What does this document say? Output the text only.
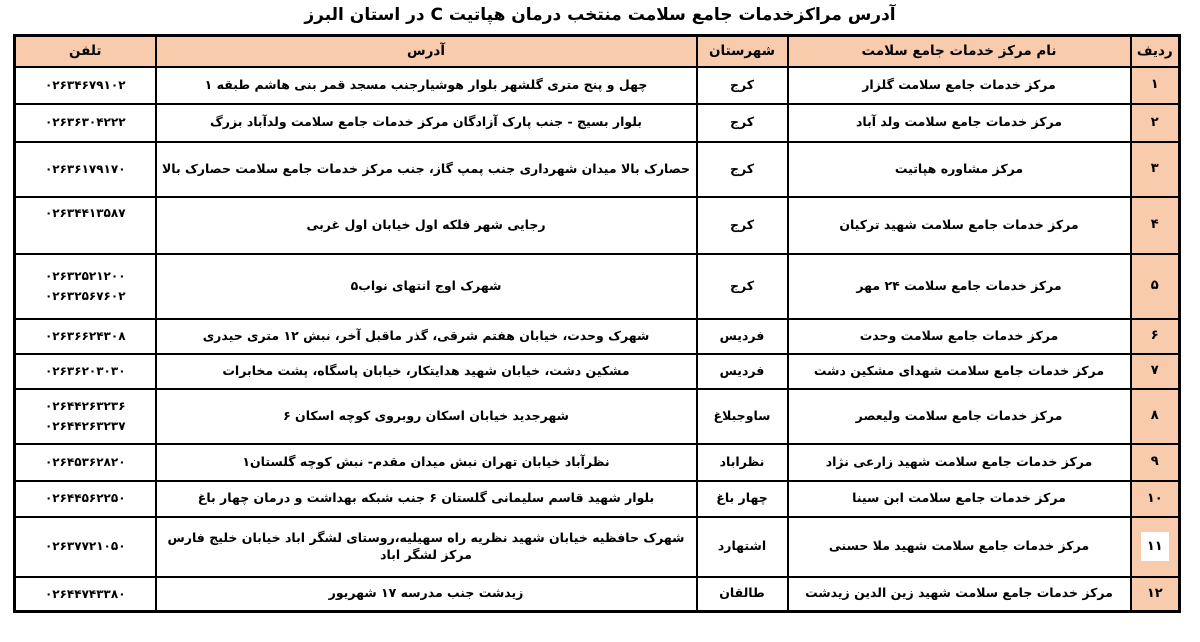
آدرس مراکزخدمات جامع سلامت منتخب درمان هپاتیت C در استان البرز
ردیف	نام مرکز خدمات جامع سلامت	شهرستان	آدرس	تلفن
۱	مرکز خدمات جامع سلامت گلزار	کرج	چهل و پنج متری گلشهر بلوار هوشیارجنب مسجد قمر بنی هاشم طبقه ۱	۰۲۶۳۴۶۷۹۱۰۲

۲	مرکز خدمات جامع سلامت ولد آباد	کرج	بلوار بسیج - جنب پارک آزادگان مرکز خدمات جامع سلامت ولدآباد بزرگ	۰۲۶۳۶۳۰۴۲۲۲

۳	مرکز مشاوره هپاتیت	کرج	حصارک بالا میدان شهرداری جنب پمپ گاز، جنب مرکز خدمات جامع سلامت حصارک بالا	۰۲۶۳۶۱۷۹۱۷۰

۴	مرکز خدمات جامع سلامت شهید ترکیان	کرج	رجایی شهر فلکه اول خیابان اول غربی	۰۲۶۳۴۴۱۳۵۸۷

۵	مرکز خدمات جامع سلامت ۲۴ مهر	کرج	شهرک اوج انتهای نواب۵	۰۲۶۳۲۵۲۱۲۰۰
۰۲۶۳۲۵۶۷۶۰۲

۶	مرکز خدمات جامع سلامت وحدت	فردیس	شهرک وحدت، خیابان هفتم شرقی، گذر ماقبل آخر، نبش ۱۲ متری حیدری	۰۲۶۳۶۶۲۴۳۰۸

۷	مرکز خدمات جامع سلامت شهدای مشکین دشت	فردیس	مشکین دشت، خیابان شهید هدایتکار، خیابان پاسگاه، پشت مخابرات	۰۲۶۳۶۲۰۳۰۳۰

۸	مرکز خدمات جامع سلامت ولیعصر	ساوجبلاغ	شهرجدید خیابان اسکان روبروی کوچه اسکان ۶	۰۲۶۴۴۲۶۳۲۳۶
۰۲۶۴۴۲۶۳۲۳۷

۹	مرکز خدمات جامع سلامت شهید زارعی نژاد	نظراباد	نظرآباد خیابان تهران نبش میدان مقدم- نبش کوچه گلستان۱	۰۲۶۴۵۳۶۲۸۲۰

۱۰	مرکز خدمات جامع سلامت ابن سینا	چهار باغ	بلوار شهید قاسم سلیمانی گلستان ۶ جنب شبکه بهداشت و درمان چهار باغ	۰۲۶۴۴۵۶۲۲۵۰

۱۱	مرکز خدمات جامع سلامت شهید ملا حسنی	اشتهارد	شهرک حافظیه خیابان شهید نظریه راه سهیلیه،روستای لشگر اباد خیابان خلیج فارس مرکز لشگر اباد	۰۲۶۳۷۷۲۱۰۵۰

۱۲	مرکز خدمات جامع سلامت شهید زین الدین زیدشت	طالقان	زیدشت جنب مدرسه ۱۷ شهریور	۰۲۶۴۴۷۴۳۳۸۰
